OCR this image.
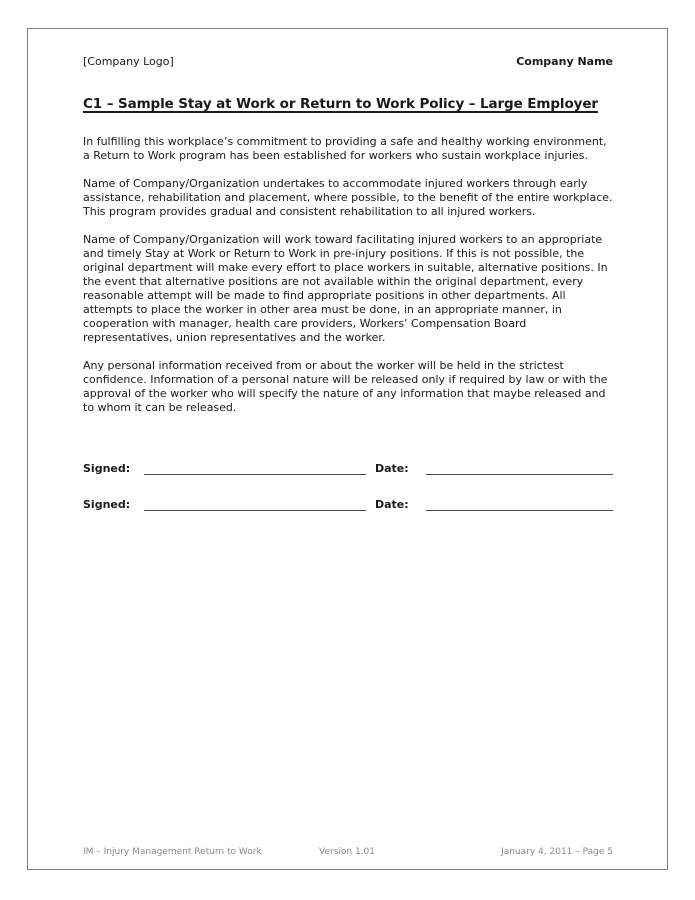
[Company Logo]	Company Name
C1 – Sample Stay at Work or Return to Work Policy – Large Employer

In fulfilling this workplace’s commitment to providing a safe and healthy working environment, a Return to Work program has been established for workers who sustain workplace injuries.

Name of Company/Organization undertakes to accommodate injured workers through early assistance, rehabilitation and placement, where possible, to the benefit of the entire workplace. This program provides gradual and consistent rehabilitation to all injured workers.

Name of Company/Organization will work toward facilitating injured workers to an appropriate and timely Stay at Work or Return to Work in pre-injury positions. If this is not possible, the original department will make every effort to place workers in suitable, alternative positions. In the event that alternative positions are not available within the original department, every reasonable attempt will be made to find appropriate positions in other departments. All attempts to place the worker in other area must be done, in an appropriate manner, in cooperation with manager, health care providers, Workers’ Compensation Board representatives, union representatives and the worker.

Any personal information received from or about the worker will be held in the strictest confidence. Information of a personal nature will be released only if required by law or with the approval of the worker who will specify the nature of any information that maybe released and to whom it can be released.

Signed:	Date:
Signed:	Date:
IM – Injury Management Return to Work	Version 1.01	January 4, 2011 – Page 5
